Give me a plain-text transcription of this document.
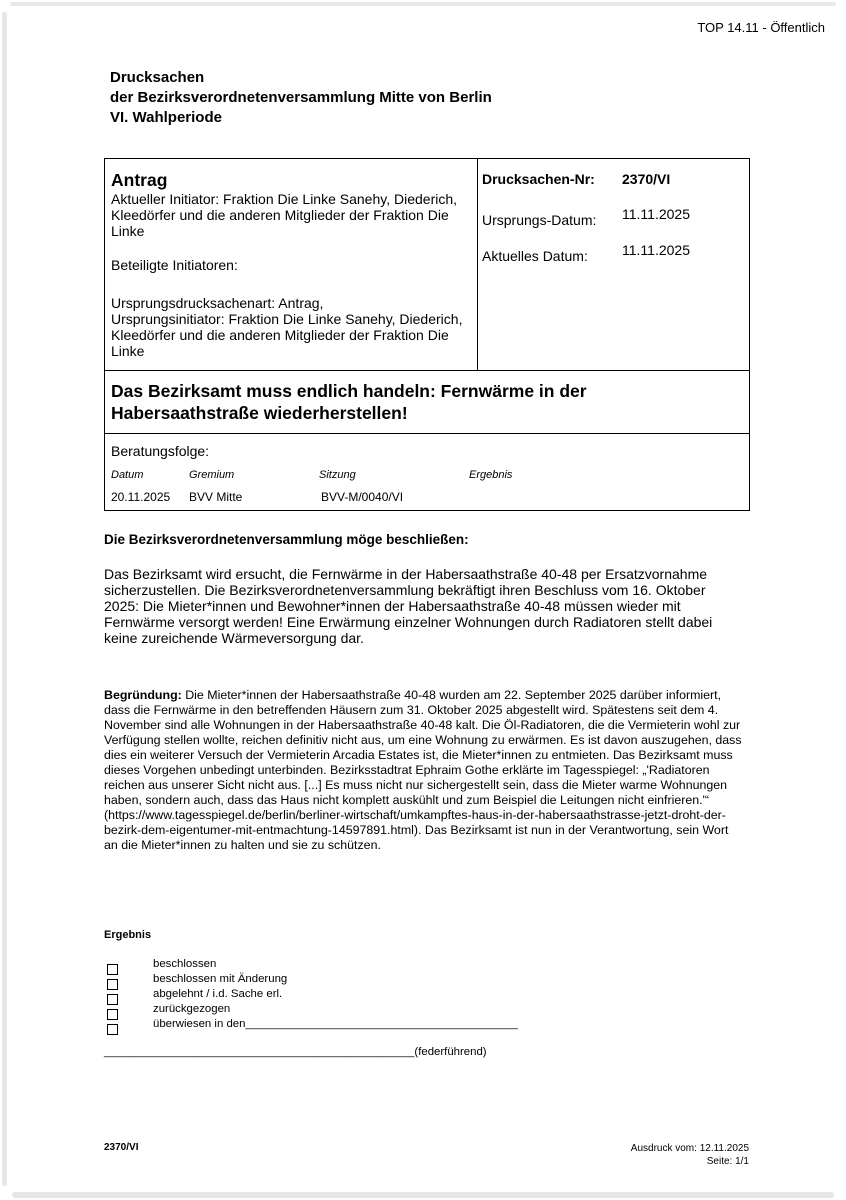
TOP 14.11 - Öffentlich
Drucksachen
der Bezirksverordnetenversammlung Mitte von Berlin
VI. Wahlperiode
Antrag
Aktueller Initiator: Fraktion Die Linke Sanehy, Diederich, Kleedörfer und die anderen Mitglieder der Fraktion Die Linke
Beteiligte Initiatoren:
Ursprungsdrucksachenart: Antrag,
Ursprungsinitiator: Fraktion Die Linke Sanehy, Diederich, Kleedörfer und die anderen Mitglieder der Fraktion Die Linke
Drucksachen-Nr: 2370/VI
Ursprungs-Datum: 11.11.2025
Aktuelles Datum: 11.11.2025
Das Bezirksamt muss endlich handeln: Fernwärme in der Habersaathstraße wiederherstellen!
Beratungsfolge:
Datum	Gremium	Sitzung	Ergebnis
20.11.2025 BVV Mitte	BVV-M/0040/VI
Die Bezirksverordnetenversammlung möge beschließen:
Das Bezirksamt wird ersucht, die Fernwärme in der Habersaathstraße 40-48 per Ersatzvornahme sicherzustellen. Die Bezirksverordnetenversammlung bekräftigt ihren Beschluss vom 16. Oktober 2025: Die Mieter*innen und Bewohner*innen der Habersaathstraße 40-48 müssen wieder mit Fernwärme versorgt werden! Eine Erwärmung einzelner Wohnungen durch Radiatoren stellt dabei keine zureichende Wärmeversorgung dar.
Begründung: Die Mieter*innen der Habersaathstraße 40-48 wurden am 22. September 2025 darüber informiert, dass die Fernwärme in den betreffenden Häusern zum 31. Oktober 2025 abgestellt wird. Spätestens seit dem 4. November sind alle Wohnungen in der Habersaathstraße 40-48 kalt. Die Öl-Radiatoren, die die Vermieterin wohl zur Verfügung stellen wollte, reichen definitiv nicht aus, um eine Wohnung zu erwärmen. Es ist davon auszugehen, dass dies ein weiterer Versuch der Vermieterin Arcadia Estates ist, die Mieter*innen zu entmieten. Das Bezirksamt muss dieses Vorgehen unbedingt unterbinden. Bezirksstadtrat Ephraim Gothe erklärte im Tagesspiegel: „'Radiatoren reichen aus unserer Sicht nicht aus. [...] Es muss nicht nur sichergestellt sein, dass die Mieter warme Wohnungen haben, sondern auch, dass das Haus nicht komplett auskühlt und zum Beispiel die Leitungen nicht einfrieren.'“ (https://www.tagesspiegel.de/berlin/berliner-wirtschaft/umkampftes-haus-in-der-habersaathstrasse-jetzt-droht-der-bezirk-dem-eigentumer-mit-entmachtung-14597891.html). Das Bezirksamt ist nun in der Verantwortung, sein Wort an die Mieter*innen zu halten und sie zu schützen.
Ergebnis
beschlossen
beschlossen mit Änderung
abgelehnt / i.d. Sache erl.
zurückgezogen
überwiesen in den___________________________________________
_________________________________________________(federführend)
2370/VI	Ausdruck vom: 12.11.2025
Seite: 1/1
